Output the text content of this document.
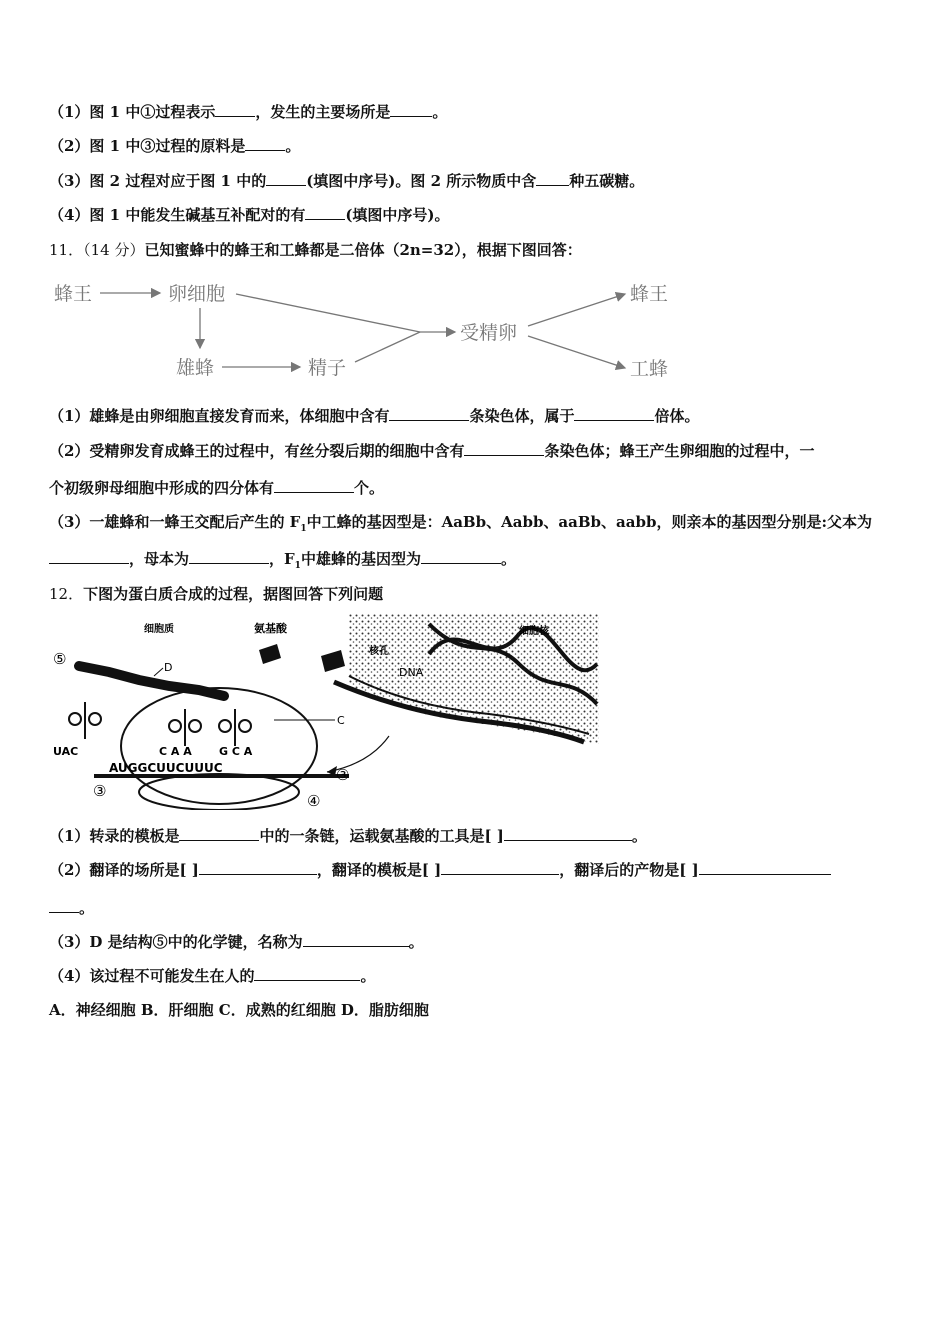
（1）图 1 中①过程表示	，发生的主要场所是	。
（2）图 1 中③过程的原料是	。
（3）图 2 过程对应于图 1 中的	(填图中序号)。图 2 所示物质中含 种五碳糖。
（4）图 1 中能发生碱基互补配对的有	(填图中序号)。
11．（14 分）已知蜜蜂中的蜂王和工蜂都是二倍体（2n=32），根据下图回答：
蜂王	卵细胞
雄蜂	精子
受精卵
蜂王
工蜂
（1）雄蜂是由卵细胞直接发育而来，体细胞中含有	条染色体，属于	倍体。
（2）受精卵发育成蜂王的过程中，有丝分裂后期的细胞中含有	条染色体；蜂王产生卵细胞的过程中，一
个初级卵母细胞中形成的四分体有	个。
（3）一雄蜂和一蜂王交配后产生的 $F_1$中工蜂的基因型是：AaBb、Aabb、aaBb、aabb，则亲本的基因型分别是:父本为
，母本为	，$F_1$中雄蜂的基因型为	。
12．下图为蛋白质合成的过程，据图回答下列问题
细胞核
核孔
DNA
细胞质	氨基酸
⑤	D
C
UAC	C A A G C A
AUGGCUUCUUUC
③
③
④
（1）转录的模板是	中的一条链，运载氨基酸的工具是[ ]	。
（2）翻译的场所是[ ]	，翻译的模板是[ ]	，翻译后的产物是[ ]
。
（3）D 是结构⑤中的化学键，名称为	。
（4）该过程不可能发生在人的	。
A．神经细胞 B．肝细胞 C．成熟的红细胞 D．脂肪细胞
